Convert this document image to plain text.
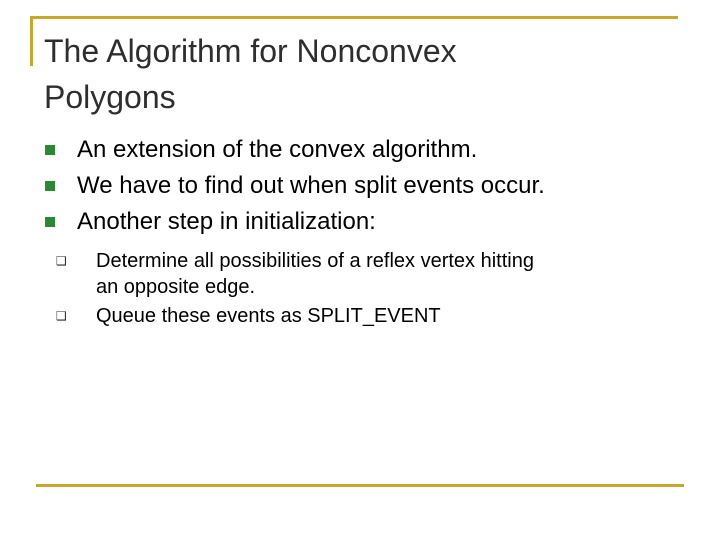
The Algorithm for Nonconvex
Polygons
An extension of the convex algorithm.
We have to find out when split events occur.
Another step in initialization:
❑ Determine all possibilities of a reflex vertex hitting
an opposite edge.
❑ Queue these events as SPLIT_EVENT
